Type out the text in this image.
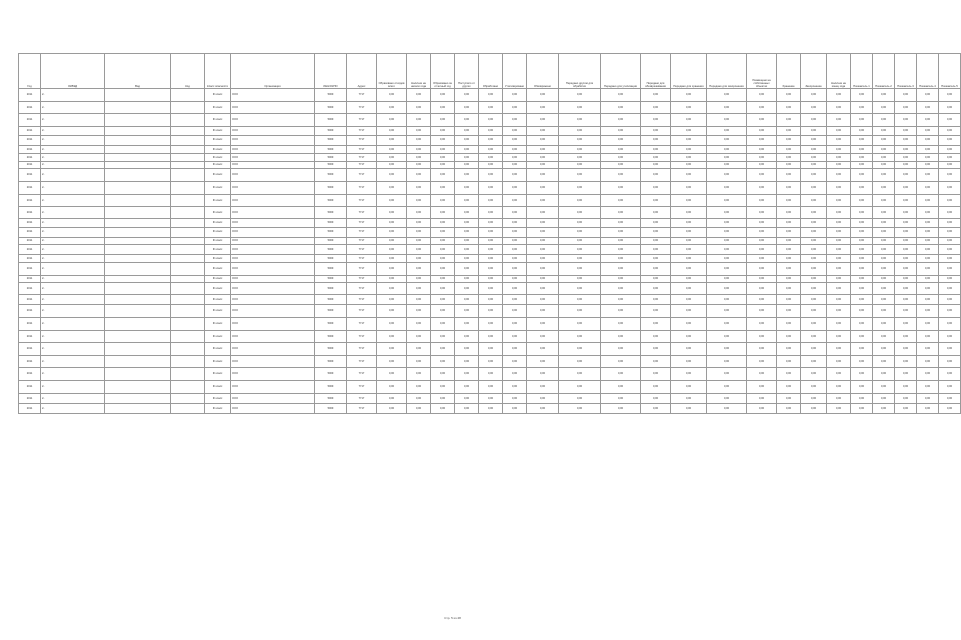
Год	ОКВЭД	Вид	Код	Класс опасности	Организация	ИНН/ОКПО	Адрес	Образовано отходов всего	Наличие на начало года	Образовано за отчетный год	Поступило от других	Обработано	Утилизировано	Обезврежено	Передано другим для обработки	Передано для утилизации	Передано для обезвреживания	Передано для хранения	Передано для захоронения	Размещено на собственных объектах	Хранение	Захоронение	Наличие на конец года	Показатель 1	Показатель 2	Показатель 3	Показатель 4	Показатель 5
2011	2-			III класс	ООО	5009	7717	0,00	0,00	0,00	0,00	0,00	0,00	0,00	0,00	0,00	0,00	0,00	0,00	0,00	0,00	0,00	0,00	0,00	0,00	0,00	0,00	0,00
2011	2-			III класс	ООО	5009	7717	0,00	0,00	0,00	0,00	0,00	0,00	0,00	0,00	0,00	0,00	0,00	0,00	0,00	0,00	0,00	0,00	0,00	0,00	0,00	0,00	0,00
2011	2-			III класс	ООО	5009	7717	0,00	0,00	0,00	0,00	0,00	0,00	0,00	0,00	0,00	0,00	0,00	0,00	0,00	0,00	0,00	0,00	0,00	0,00	0,00	0,00	0,00
2011	2-			III класс	ООО	5009	7717	0,00	0,00	0,00	0,00	0,00	0,00	0,00	0,00	0,00	0,00	0,00	0,00	0,00	0,00	0,00	0,00	0,00	0,00	0,00	0,00	0,00
2011	2-			III класс	ООО	5009	7717	0,00	0,00	0,00	0,00	0,00	0,00	0,00	0,00	0,00	0,00	0,00	0,00	0,00	0,00	0,00	0,00	0,00	0,00	0,00	0,00	0,00
2011	2-			III класс	ООО	5009	7717	0,00	0,00	0,00	0,00	0,00	0,00	0,00	0,00	0,00	0,00	0,00	0,00	0,00	0,00	0,00	0,00	0,00	0,00	0,00	0,00	0,00
2011	2-			III класс	ООО	5009	7717	0,00	0,00	0,00	0,00	0,00	0,00	0,00	0,00	0,00	0,00	0,00	0,00	0,00	0,00	0,00	0,00	0,00	0,00	0,00	0,00	0,00
2011	2-			III класс	ООО	5009	7717	0,00	0,00	0,00	0,00	0,00	0,00	0,00	0,00	0,00	0,00	0,00	0,00	0,00	0,00	0,00	0,00	0,00	0,00	0,00	0,00	0,00
2011	2-			III класс	ООО	5009	7717	0,00	0,00	0,00	0,00	0,00	0,00	0,00	0,00	0,00	0,00	0,00	0,00	0,00	0,00	0,00	0,00	0,00	0,00	0,00	0,00	0,00
2011	2-			III класс	ООО	5009	7717	0,00	0,00	0,00	0,00	0,00	0,00	0,00	0,00	0,00	0,00	0,00	0,00	0,00	0,00	0,00	0,00	0,00	0,00	0,00	0,00	0,00
2011	2-			III класс	ООО	5009	7717	0,00	0,00	0,00	0,00	0,00	0,00	0,00	0,00	0,00	0,00	0,00	0,00	0,00	0,00	0,00	0,00	0,00	0,00	0,00	0,00	0,00
2011	2-			III класс	ООО	5009	7717	0,00	0,00	0,00	0,00	0,00	0,00	0,00	0,00	0,00	0,00	0,00	0,00	0,00	0,00	0,00	0,00	0,00	0,00	0,00	0,00	0,00
2011	2-			III класс	ООО	5009	7717	0,00	0,00	0,00	0,00	0,00	0,00	0,00	0,00	0,00	0,00	0,00	0,00	0,00	0,00	0,00	0,00	0,00	0,00	0,00	0,00	0,00
2011	2-			III класс	ООО	5009	7717	0,00	0,00	0,00	0,00	0,00	0,00	0,00	0,00	0,00	0,00	0,00	0,00	0,00	0,00	0,00	0,00	0,00	0,00	0,00	0,00	0,00
2011	2-			III класс	ООО	5009	7717	0,00	0,00	0,00	0,00	0,00	0,00	0,00	0,00	0,00	0,00	0,00	0,00	0,00	0,00	0,00	0,00	0,00	0,00	0,00	0,00	0,00
2011	2-			III класс	ООО	5009	7717	0,00	0,00	0,00	0,00	0,00	0,00	0,00	0,00	0,00	0,00	0,00	0,00	0,00	0,00	0,00	0,00	0,00	0,00	0,00	0,00	0,00
2011	2-			III класс	ООО	5009	7717	0,00	0,00	0,00	0,00	0,00	0,00	0,00	0,00	0,00	0,00	0,00	0,00	0,00	0,00	0,00	0,00	0,00	0,00	0,00	0,00	0,00
2011	2-			III класс	ООО	5009	7717	0,00	0,00	0,00	0,00	0,00	0,00	0,00	0,00	0,00	0,00	0,00	0,00	0,00	0,00	0,00	0,00	0,00	0,00	0,00	0,00	0,00
2011	2-			III класс	ООО	5009	7717	0,00	0,00	0,00	0,00	0,00	0,00	0,00	0,00	0,00	0,00	0,00	0,00	0,00	0,00	0,00	0,00	0,00	0,00	0,00	0,00	0,00
2011	2-			III класс	ООО	5009	7717	0,00	0,00	0,00	0,00	0,00	0,00	0,00	0,00	0,00	0,00	0,00	0,00	0,00	0,00	0,00	0,00	0,00	0,00	0,00	0,00	0,00
2011	2-			III класс	ООО	5009	7717	0,00	0,00	0,00	0,00	0,00	0,00	0,00	0,00	0,00	0,00	0,00	0,00	0,00	0,00	0,00	0,00	0,00	0,00	0,00	0,00	0,00
2011	2-			III класс	ООО	5009	7717	0,00	0,00	0,00	0,00	0,00	0,00	0,00	0,00	0,00	0,00	0,00	0,00	0,00	0,00	0,00	0,00	0,00	0,00	0,00	0,00	0,00
2011	2-			III класс	ООО	5009	7717	0,00	0,00	0,00	0,00	0,00	0,00	0,00	0,00	0,00	0,00	0,00	0,00	0,00	0,00	0,00	0,00	0,00	0,00	0,00	0,00	0,00
2011	2-			III класс	ООО	5009	7717	0,00	0,00	0,00	0,00	0,00	0,00	0,00	0,00	0,00	0,00	0,00	0,00	0,00	0,00	0,00	0,00	0,00	0,00	0,00	0,00	0,00
2011	2-			III класс	ООО	5009	7717	0,00	0,00	0,00	0,00	0,00	0,00	0,00	0,00	0,00	0,00	0,00	0,00	0,00	0,00	0,00	0,00	0,00	0,00	0,00	0,00	0,00
2011	2-			III класс	ООО	5009	7717	0,00	0,00	0,00	0,00	0,00	0,00	0,00	0,00	0,00	0,00	0,00	0,00	0,00	0,00	0,00	0,00	0,00	0,00	0,00	0,00	0,00
2011	2-			III класс	ООО	5009	7717	0,00	0,00	0,00	0,00	0,00	0,00	0,00	0,00	0,00	0,00	0,00	0,00	0,00	0,00	0,00	0,00	0,00	0,00	0,00	0,00	0,00
2011	2-			III класс	ООО	5009	7717	0,00	0,00	0,00	0,00	0,00	0,00	0,00	0,00	0,00	0,00	0,00	0,00	0,00	0,00	0,00	0,00	0,00	0,00	0,00	0,00	0,00
2011	2-			III класс	ООО	5009	7717	0,00	0,00	0,00	0,00	0,00	0,00	0,00	0,00	0,00	0,00	0,00	0,00	0,00	0,00	0,00	0,00	0,00	0,00	0,00	0,00	0,00
2011	2-			III класс	ООО	5009	7717	0,00	0,00	0,00	0,00	0,00	0,00	0,00	0,00	0,00	0,00	0,00	0,00	0,00	0,00	0,00	0,00	0,00	0,00	0,00	0,00	0,00
Стр. 5 из 28
